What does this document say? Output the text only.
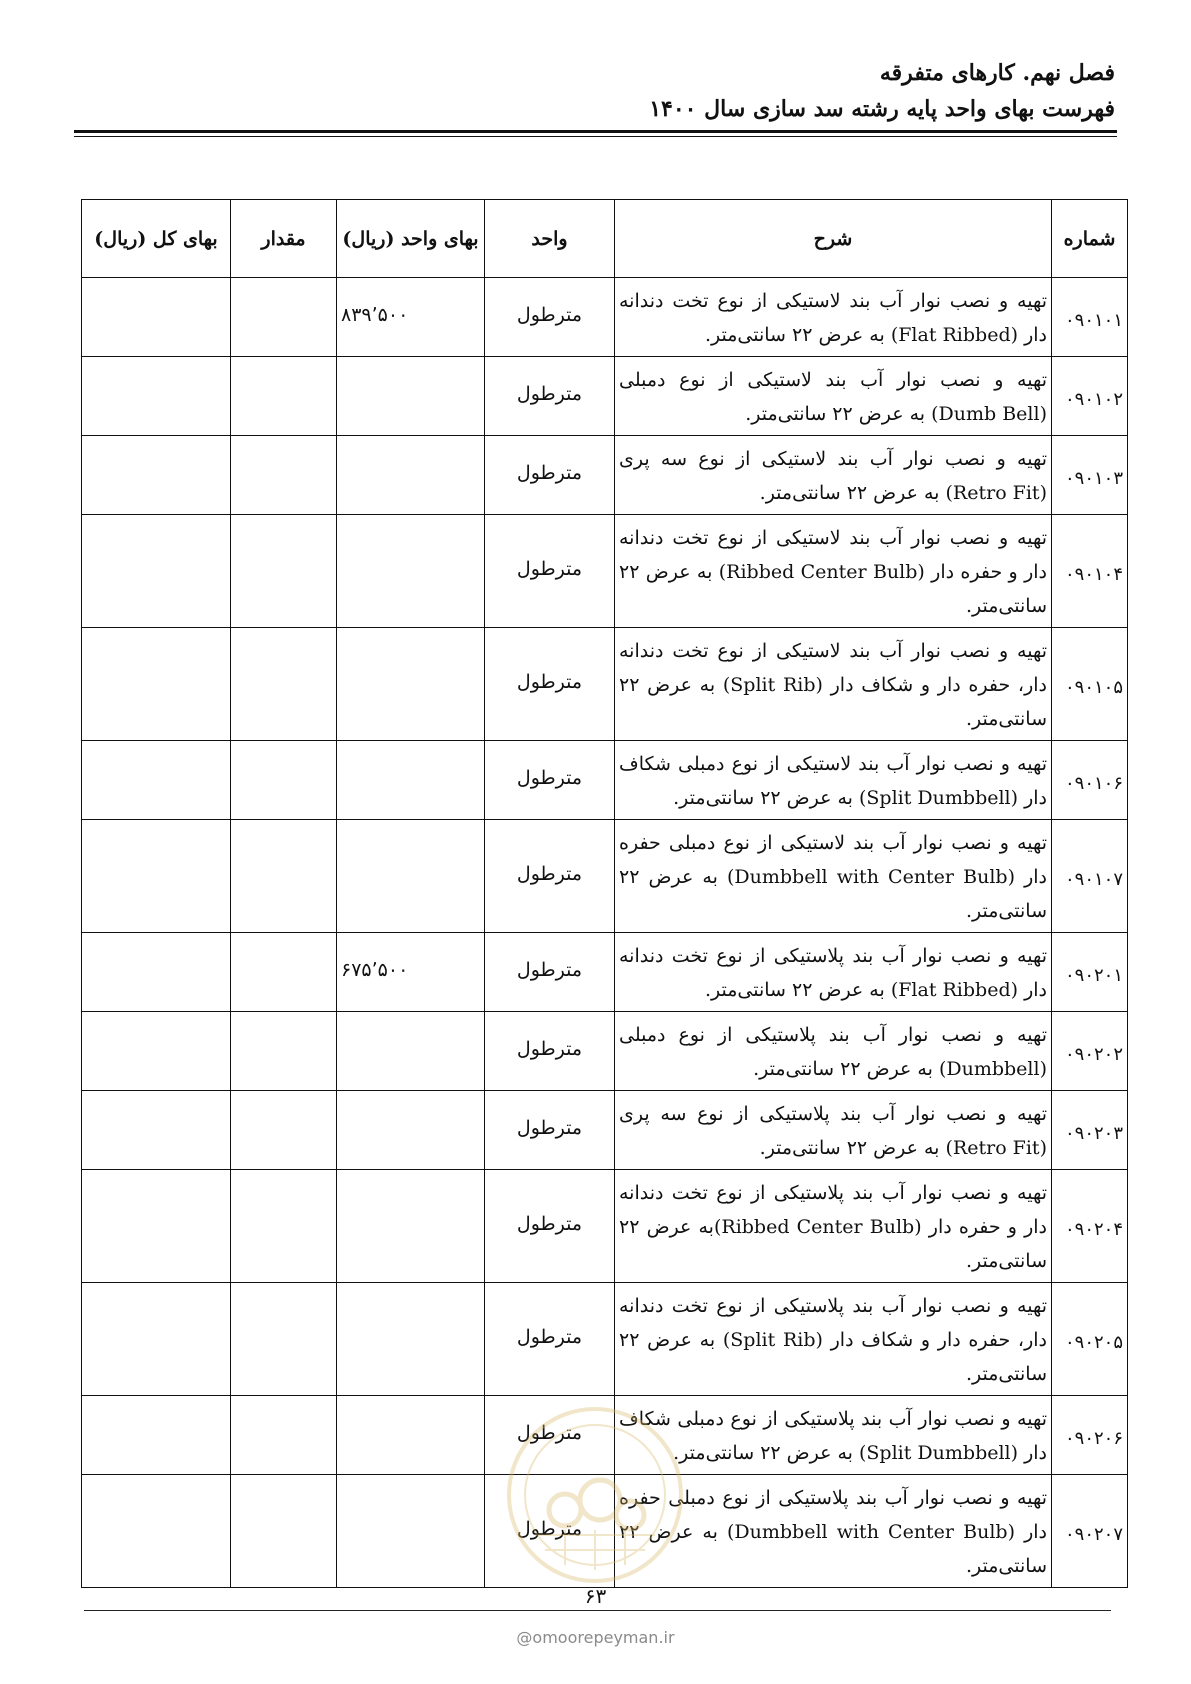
فصل نهم. کارهای متفرقه
فهرست بهای واحد پایه رشته سد سازی سال ۱۴۰۰
شماره	شرح	واحد	بهای واحد (ریال)	مقدار	بهای کل (ریال)
۰۹۰۱۰۱	تهیه و نصب نوار آب بند لاستیکی از نوع تخت دندانه دار (Flat Ribbed) به عرض ۲۲ سانتی‌متر.	مترطول	۸۳۹٬۵۰۰		
۰۹۰۱۰۲	تهیه و نصب نوار آب بند لاستیکی از نوع دمبلی (Dumb Bell) به عرض ۲۲ سانتی‌متر.	مترطول			
۰۹۰۱۰۳	تهیه و نصب نوار آب بند لاستیکی از نوع سه پری (Retro Fit) به عرض ۲۲ سانتی‌متر.	مترطول			
۰۹۰۱۰۴	تهیه و نصب نوار آب بند لاستیکی از نوع تخت دندانه دار و حفره دار (Ribbed Center Bulb) به عرض ۲۲ سانتی‌متر.	مترطول			
۰۹۰۱۰۵	تهیه و نصب نوار آب بند لاستیکی از نوع تخت دندانه دار، حفره دار و شکاف دار (Split Rib) به عرض ۲۲ سانتی‌متر.	مترطول			
۰۹۰۱۰۶	تهیه و نصب نوار آب بند لاستیکی از نوع دمبلی شکاف دار (Split Dumbbell) به عرض ۲۲ سانتی‌متر.	مترطول			
۰۹۰۱۰۷	تهیه و نصب نوار آب بند لاستیکی از نوع دمبلی حفره دار (Dumbbell with Center Bulb) به عرض ۲۲ سانتی‌متر.	مترطول			
۰۹۰۲۰۱	تهیه و نصب نوار آب بند پلاستیکی از نوع تخت دندانه دار (Flat Ribbed) به عرض ۲۲ سانتی‌متر.	مترطول	۶۷۵٬۵۰۰		
۰۹۰۲۰۲	تهیه و نصب نوار آب بند پلاستیکی از نوع دمبلی (Dumbbell) به عرض ۲۲ سانتی‌متر.	مترطول			
۰۹۰۲۰۳	تهیه و نصب نوار آب بند پلاستیکی از نوع سه پری (Retro Fit) به عرض ۲۲ سانتی‌متر.	مترطول			
۰۹۰۲۰۴	تهیه و نصب نوار آب بند پلاستیکی از نوع تخت دندانه دار و حفره دار (Ribbed Center Bulb)به عرض ۲۲ سانتی‌متر.	مترطول			
۰۹۰۲۰۵	تهیه و نصب نوار آب بند پلاستیکی از نوع تخت دندانه دار، حفره دار و شکاف دار (Split Rib) به عرض ۲۲ سانتی‌متر.	مترطول			
۰۹۰۲۰۶	تهیه و نصب نوار آب بند پلاستیکی از نوع دمبلی شکاف دار (Split Dumbbell) به عرض ۲۲ سانتی‌متر.	مترطول			
۰۹۰۲۰۷	تهیه و نصب نوار آب بند پلاستیکی از نوع دمبلی حفره دار (Dumbbell with Center Bulb) به عرض ۲۲ سانتی‌متر.	مترطول			
۶۳
@omoorepeyman.ir
